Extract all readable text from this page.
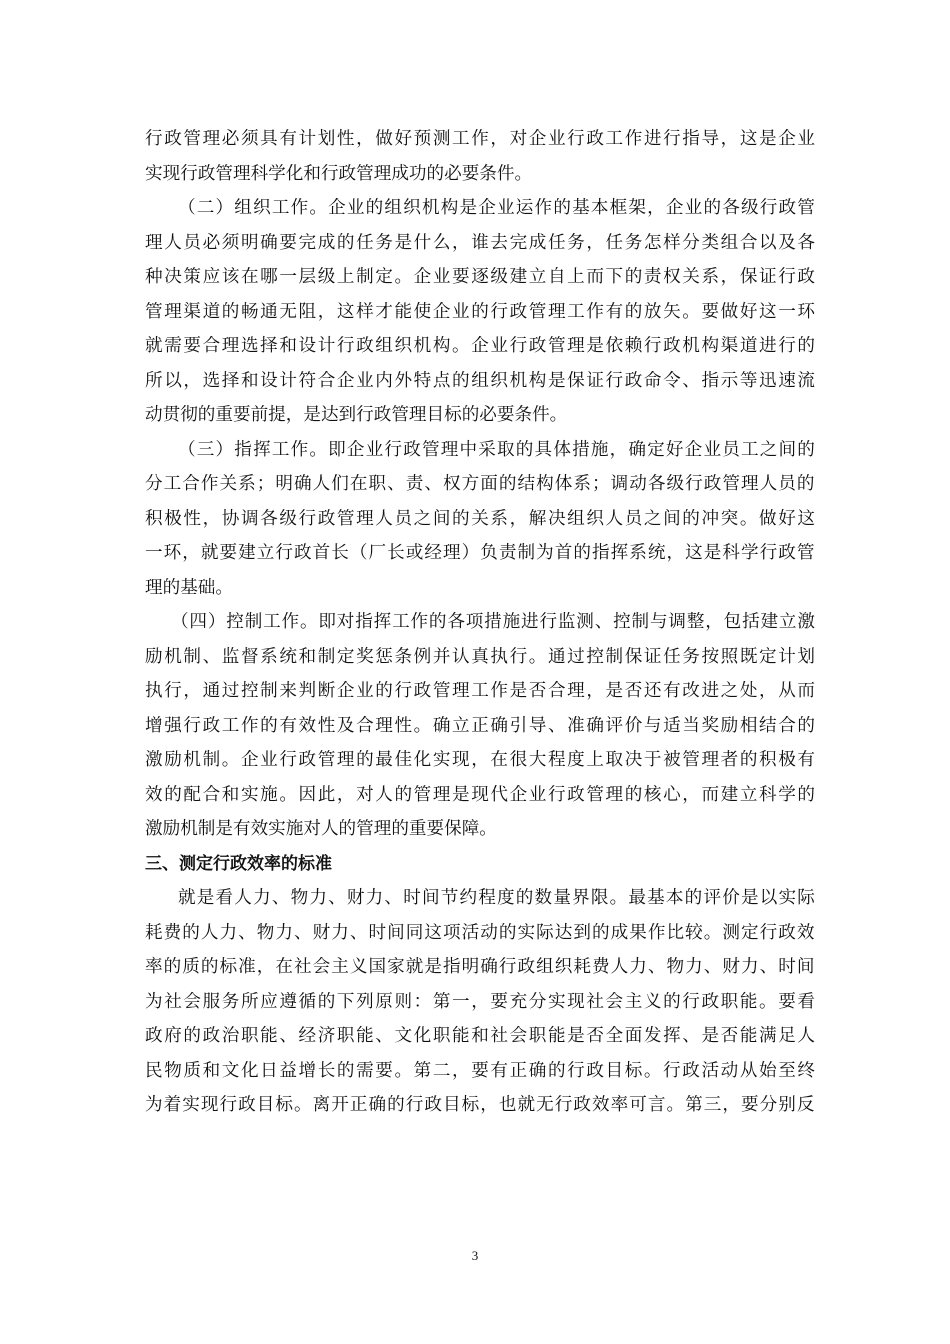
行 政 管 理 必 须 具 有 计 划 性 ， 做 好 预 测 工 作 ， 对 企 业 行 政 工 作 进 行 指 导 ， 这 是 企 业
实现行政管理科学化和行政管理成功的必要条件。
（ 二 ） 组 织 工 作 。 企 业 的 组 织 机 构 是 企 业 运 作 的 基 本 框 架 ， 企 业 的 各 级 行 政 管
理 人 员 必 须 明 确 要 完 成 的 任 务 是 什 么 ， 谁 去 完 成 任 务 ， 任 务 怎 样 分 类 组 合 以 及 各
种 决 策 应 该 在 哪 一 层 级 上 制 定 。 企 业 要 逐 级 建 立 自 上 而 下 的 责 权 关 系 ， 保 证 行 政
管 理 渠 道 的 畅 通 无 阻 ， 这 样 才 能 使 企 业 的 行 政 管 理 工 作 有 的 放 矢 。 要 做 好 这 一 环
就 需 要 合 理 选 择 和 设 计 行 政 组 织 机 构 。 企 业 行 政 管 理 是 依 赖 行 政 机 构 渠 道 进 行 的
所 以 ， 选 择 和 设 计 符 合 企 业 内 外 特 点 的 组 织 机 构 是 保 证 行 政 命 令 、 指 示 等 迅 速 流
动贯彻的重要前提，是达到行政管理目标的必要条件。
（ 三 ） 指 挥 工 作 。 即 企 业 行 政 管 理 中 采 取 的 具 体 措 施 ， 确 定 好 企 业 员 工 之 间 的
分 工 合 作 关 系 ； 明 确 人 们 在 职 、 责 、 权 方 面 的 结 构 体 系 ； 调 动 各 级 行 政 管 理 人 员 的
积 极 性 ， 协 调 各 级 行 政 管 理 人 员 之 间 的 关 系 ， 解 决 组 织 人 员 之 间 的 冲 突 。 做 好 这
一 环 ， 就 要 建 立 行 政 首 长 （ 厂 长 或 经 理 ） 负 责 制 为 首 的 指 挥 系 统 ， 这 是 科 学 行 政 管
理的基础。
（ 四 ） 控 制 工 作 。 即 对 指 挥 工 作 的 各 项 措 施 进 行 监 测 、 控 制 与 调 整 ， 包 括 建 立 激
励 机 制 、 监 督 系 统 和 制 定 奖 惩 条 例 并 认 真 执 行 。 通 过 控 制 保 证 任 务 按 照 既 定 计 划
执 行 ， 通 过 控 制 来 判 断 企 业 的 行 政 管 理 工 作 是 否 合 理 ， 是 否 还 有 改 进 之 处 ， 从 而
增 强 行 政 工 作 的 有 效 性 及 合 理 性 。 确 立 正 确 引 导 、 准 确 评 价 与 适 当 奖 励 相 结 合 的
激 励 机 制 。 企 业 行 政 管 理 的 最 佳 化 实 现 ， 在 很 大 程 度 上 取 决 于 被 管 理 者 的 积 极 有
效 的 配 合 和 实 施 。 因 此 ， 对 人 的 管 理 是 现 代 企 业 行 政 管 理 的 核 心 ， 而 建 立 科 学 的
激励机制是有效实施对人的管理的重要保障。
三、测定行政效率的标准
就 是 看 人 力 、 物 力 、 财 力 、 时 间 节 约 程 度 的 数 量 界 限 。 最 基 本 的 评 价 是 以 实 际
耗 费 的 人 力 、 物 力 、 财 力 、 时 间 同 这 项 活 动 的 实 际 达 到 的 成 果 作 比 较 。 测 定 行 政 效
率 的 质 的 标 准 ， 在 社 会 主 义 国 家 就 是 指 明 确 行 政 组 织 耗 费 人 力 、 物 力 、 财 力 、 时 间
为 社 会 服 务 所 应 遵 循 的 下 列 原 则 ： 第 一 ， 要 充 分 实 现 社 会 主 义 的 行 政 职 能 。 要 看
政 府 的 政 治 职 能 、 经 济 职 能 、 文 化 职 能 和 社 会 职 能 是 否 全 面 发 挥 、 是 否 能 满 足 人
民 物 质 和 文 化 日 益 增 长 的 需 要 。 第 二 ， 要 有 正 确 的 行 政 目 标 。 行 政 活 动 从 始 至 终
为 着 实 现 行 政 目 标 。 离 开 正 确 的 行 政 目 标 ， 也 就 无 行 政 效 率 可 言 。 第 三 ， 要 分 别 反
3
